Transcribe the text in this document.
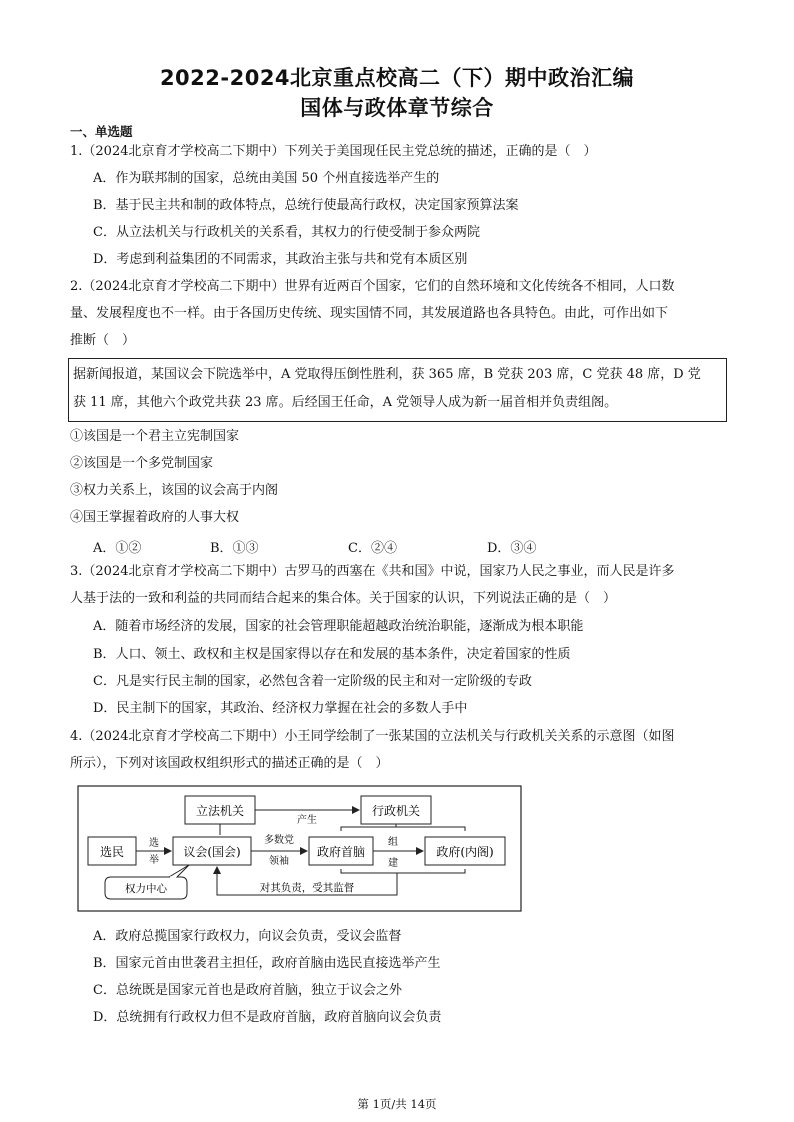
2022-2024北京重点校高二（下）期中政治汇编
国体与政体章节综合
一、单选题
1.（2024北京育才学校高二下期中）下列关于美国现任民主党总统的描述，正确的是（　）
A．作为联邦制的国家，总统由美国 50 个州直接选举产生的
B．基于民主共和制的政体特点，总统行使最高行政权，决定国家预算法案
C．从立法机关与行政机关的关系看，其权力的行使受制于参众两院
D．考虑到利益集团的不同需求，其政治主张与共和党有本质区别
2.（2024北京育才学校高二下期中）世界有近两百个国家，它们的自然环境和文化传统各不相同，人口数
量、发展程度也不一样。由于各国历史传统、现实国情不同，其发展道路也各具特色。由此，可作出如下
推断（　）
据新闻报道，某国议会下院选举中，A 党取得压倒性胜利，获 365 席，B 党获 203 席，C 党获 48 席，D 党
获 11 席，其他六个政党共获 23 席。后经国王任命，A 党领导人成为新一届首相并负责组阁。
①该国是一个君主立宪制国家
②该国是一个多党制国家
③权力关系上，该国的议会高于内阁
④国王掌握着政府的人事大权
A．①②	B．①③	C．②④	D．③④
3.（2024北京育才学校高二下期中）古罗马的西塞在《共和国》中说，国家乃人民之事业，而人民是许多
人基于法的一致和利益的共同而结合起来的集合体。关于国家的认识，下列说法正确的是（　）
A．随着市场经济的发展，国家的社会管理职能超越政治统治职能，逐渐成为根本职能
B．人口、领土、政权和主权是国家得以存在和发展的基本条件，决定着国家的性质
C．凡是实行民主制的国家，必然包含着一定阶级的民主和对一定阶级的专政
D．民主制下的国家，其政治、经济权力掌握在社会的多数人手中
4.（2024北京育才学校高二下期中）小王同学绘制了一张某国的立法机关与行政机关关系的示意图（如图
所示），下列对该国政权组织形式的描述正确的是（　）
立法机关	行政机关
产生
选民
选
举
议会(国会)
多数党
领袖
政府首脑
组
建
政府(内阁)
对其负责，受其监督
权力中心
A．政府总揽国家行政权力，向议会负责，受议会监督
B．国家元首由世袭君主担任，政府首脑由选民直接选举产生
C．总统既是国家元首也是政府首脑，独立于议会之外
D．总统拥有行政权力但不是政府首脑，政府首脑向议会负责
第 1页/共 14页
